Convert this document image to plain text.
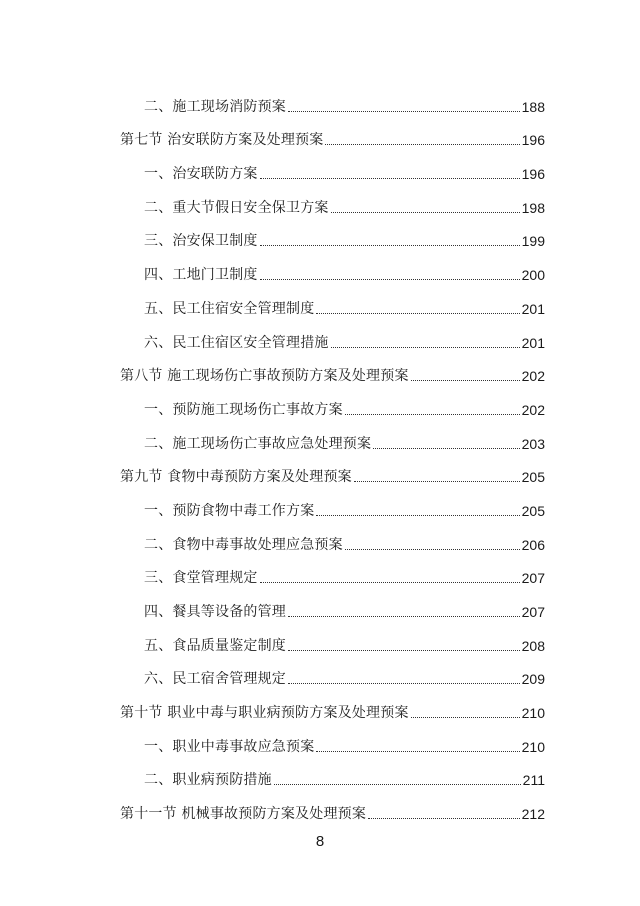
二、施工现场消防预案	188
第七节 治安联防方案及处理预案	196
一、治安联防方案	196
二、重大节假日安全保卫方案	198
三、治安保卫制度	199
四、工地门卫制度	200
五、民工住宿安全管理制度	201
六、民工住宿区安全管理措施	201
第八节 施工现场伤亡事故预防方案及处理预案	202
一、预防施工现场伤亡事故方案	202
二、施工现场伤亡事故应急处理预案	203
第九节 食物中毒预防方案及处理预案	205
一、预防食物中毒工作方案	205
二、食物中毒事故处理应急预案	206
三、食堂管理规定	207
四、餐具等设备的管理	207
五、食品质量鉴定制度	208
六、民工宿舍管理规定	209
第十节 职业中毒与职业病预防方案及处理预案	210
一、职业中毒事故应急预案	210
二、职业病预防措施	211
第十一节 机械事故预防方案及处理预案	212
8
